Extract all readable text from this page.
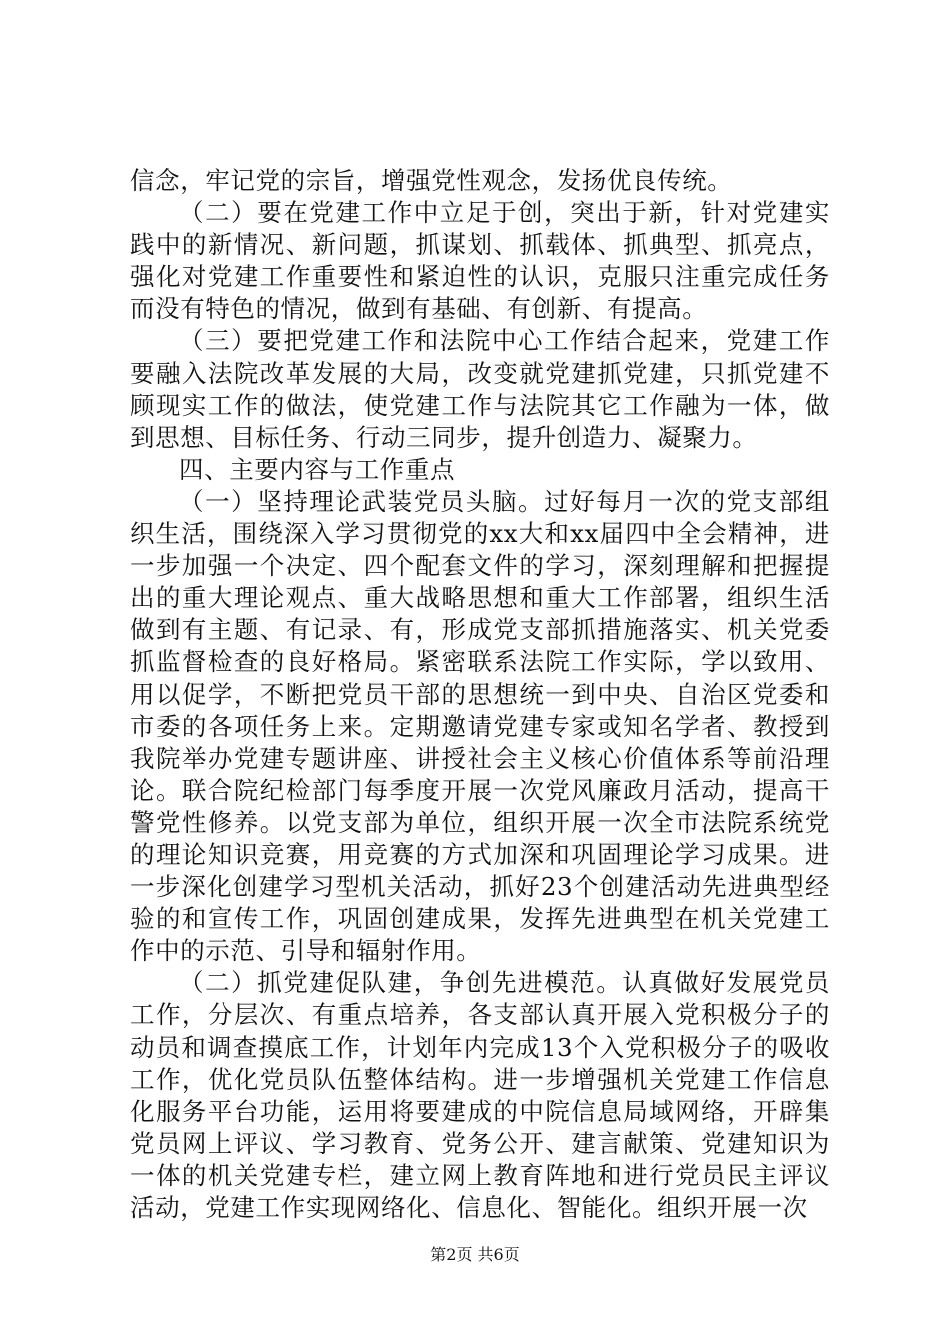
信念，牢记党的宗旨，增强党性观念，发扬优良传统。

（二）要在党建工作中立足于创，突出于新，针对党建实践中的新情况、新问题，抓谋划、抓载体、抓典型、抓亮点，强化对党建工作重要性和紧迫性的认识，克服只注重完成任务而没有特色的情况，做到有基础、有创新、有提高。

（三）要把党建工作和法院中心工作结合起来，党建工作要融入法院改革发展的大局，改变就党建抓党建，只抓党建不顾现实工作的做法，使党建工作与法院其它工作融为一体，做到思想、目标任务、行动三同步，提升创造力、凝聚力。

四、主要内容与工作重点

（一）坚持理论武装党员头脑。过好每月一次的党支部组织生活，围绕深入学习贯彻党的xx大和xx届四中全会精神，进一步加强一个决定、四个配套文件的学习，深刻理解和把握提出的重大理论观点、重大战略思想和重大工作部署，组织生活做到有主题、有记录、有，形成党支部抓措施落实、机关党委抓监督检查的良好格局。紧密联系法院工作实际，学以致用、用以促学，不断把党员干部的思想统一到中央、自治区党委和市委的各项任务上来。定期邀请党建专家或知名学者、教授到我院举办党建专题讲座、讲授社会主义核心价值体系等前沿理论。联合院纪检部门每季度开展一次党风廉政月活动，提高干警党性修养。以党支部为单位，组织开展一次全市法院系统党的理论知识竞赛，用竞赛的方式加深和巩固理论学习成果。进一步深化创建学习型机关活动，抓好23个创建活动先进典型经验的和宣传工作，巩固创建成果，发挥先进典型在机关党建工作中的示范、引导和辐射作用。

（二）抓党建促队建，争创先进模范。认真做好发展党员工作，分层次、有重点培养，各支部认真开展入党积极分子的动员和调查摸底工作，计划年内完成13个入党积极分子的吸收工作，优化党员队伍整体结构。进一步增强机关党建工作信息化服务平台功能，运用将要建成的中院信息局域网络，开辟集党员网上评议、学习教育、党务公开、建言献策、党建知识为一体的机关党建专栏，建立网上教育阵地和进行党员民主评议活动，党建工作实现网络化、信息化、智能化。组织开展一次

第2页 共6页
